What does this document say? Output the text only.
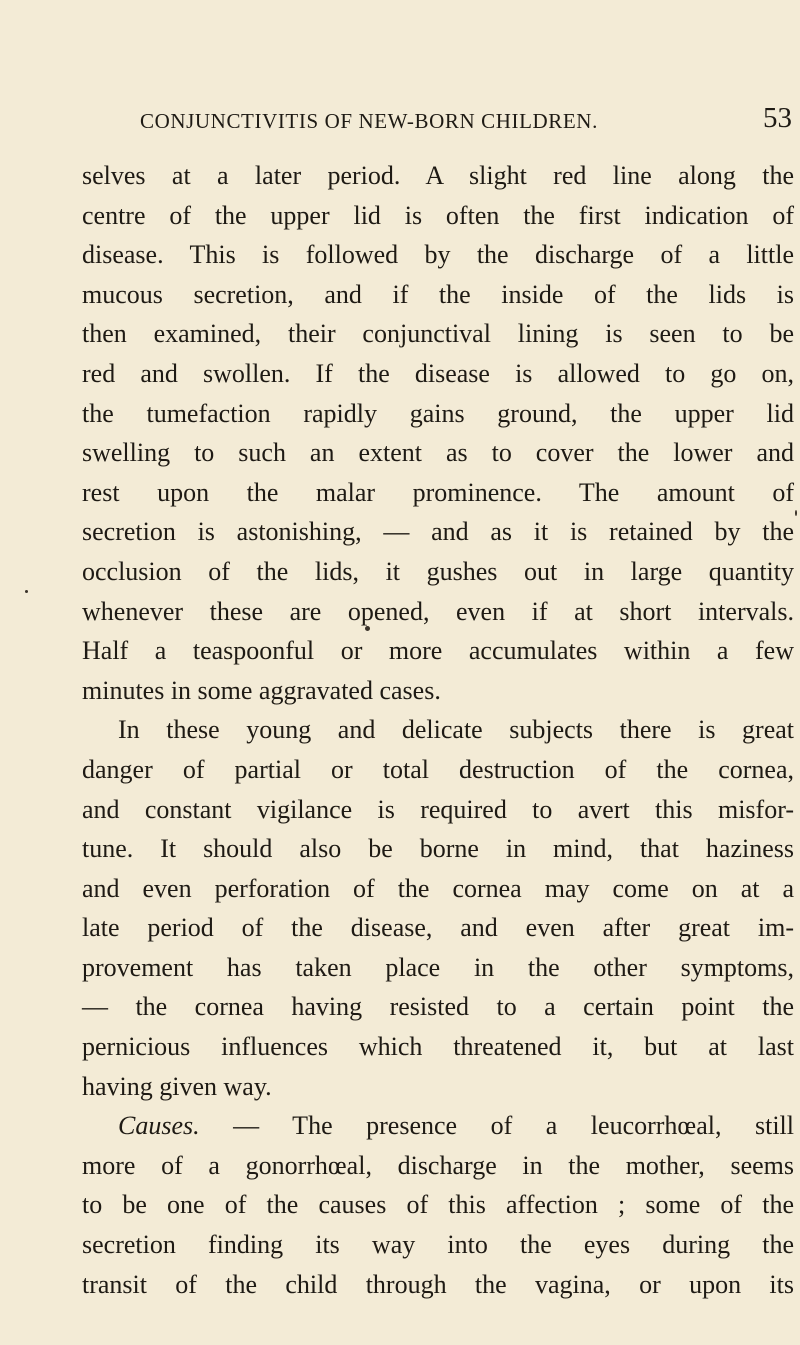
CONJUNCTIVITIS OF NEW-BORN CHILDREN.	53
selves at a later period. A slight red line along the
centre of the upper lid is often the first indication of
disease. This is followed by the discharge of a little
mucous secretion, and if the inside of the lids is
then examined, their conjunctival lining is seen to be
red and swollen. If the disease is allowed to go on,
the tumefaction rapidly gains ground, the upper lid
swelling to such an extent as to cover the lower and
rest upon the malar prominence. The amount of
secretion is astonishing, — and as it is retained by the
occlusion of the lids, it gushes out in large quantity
whenever these are opened, even if at short intervals.
Half a teaspoonful or more accumulates within a few
minutes in some aggravated cases.
In these young and delicate subjects there is great
danger of partial or total destruction of the cornea,
and constant vigilance is required to avert this misfor-
tune. It should also be borne in mind, that haziness
and even perforation of the cornea may come on at a
late period of the disease, and even after great im-
provement has taken place in the other symptoms,
— the cornea having resisted to a certain point the
pernicious influences which threatened it, but at last
having given way.
Causes. — The presence of a leucorrhœal, still
more of a gonorrhœal, discharge in the mother, seems
to be one of the causes of this affection ; some of the
secretion finding its way into the eyes during the
transit of the child through the vagina, or upon its
